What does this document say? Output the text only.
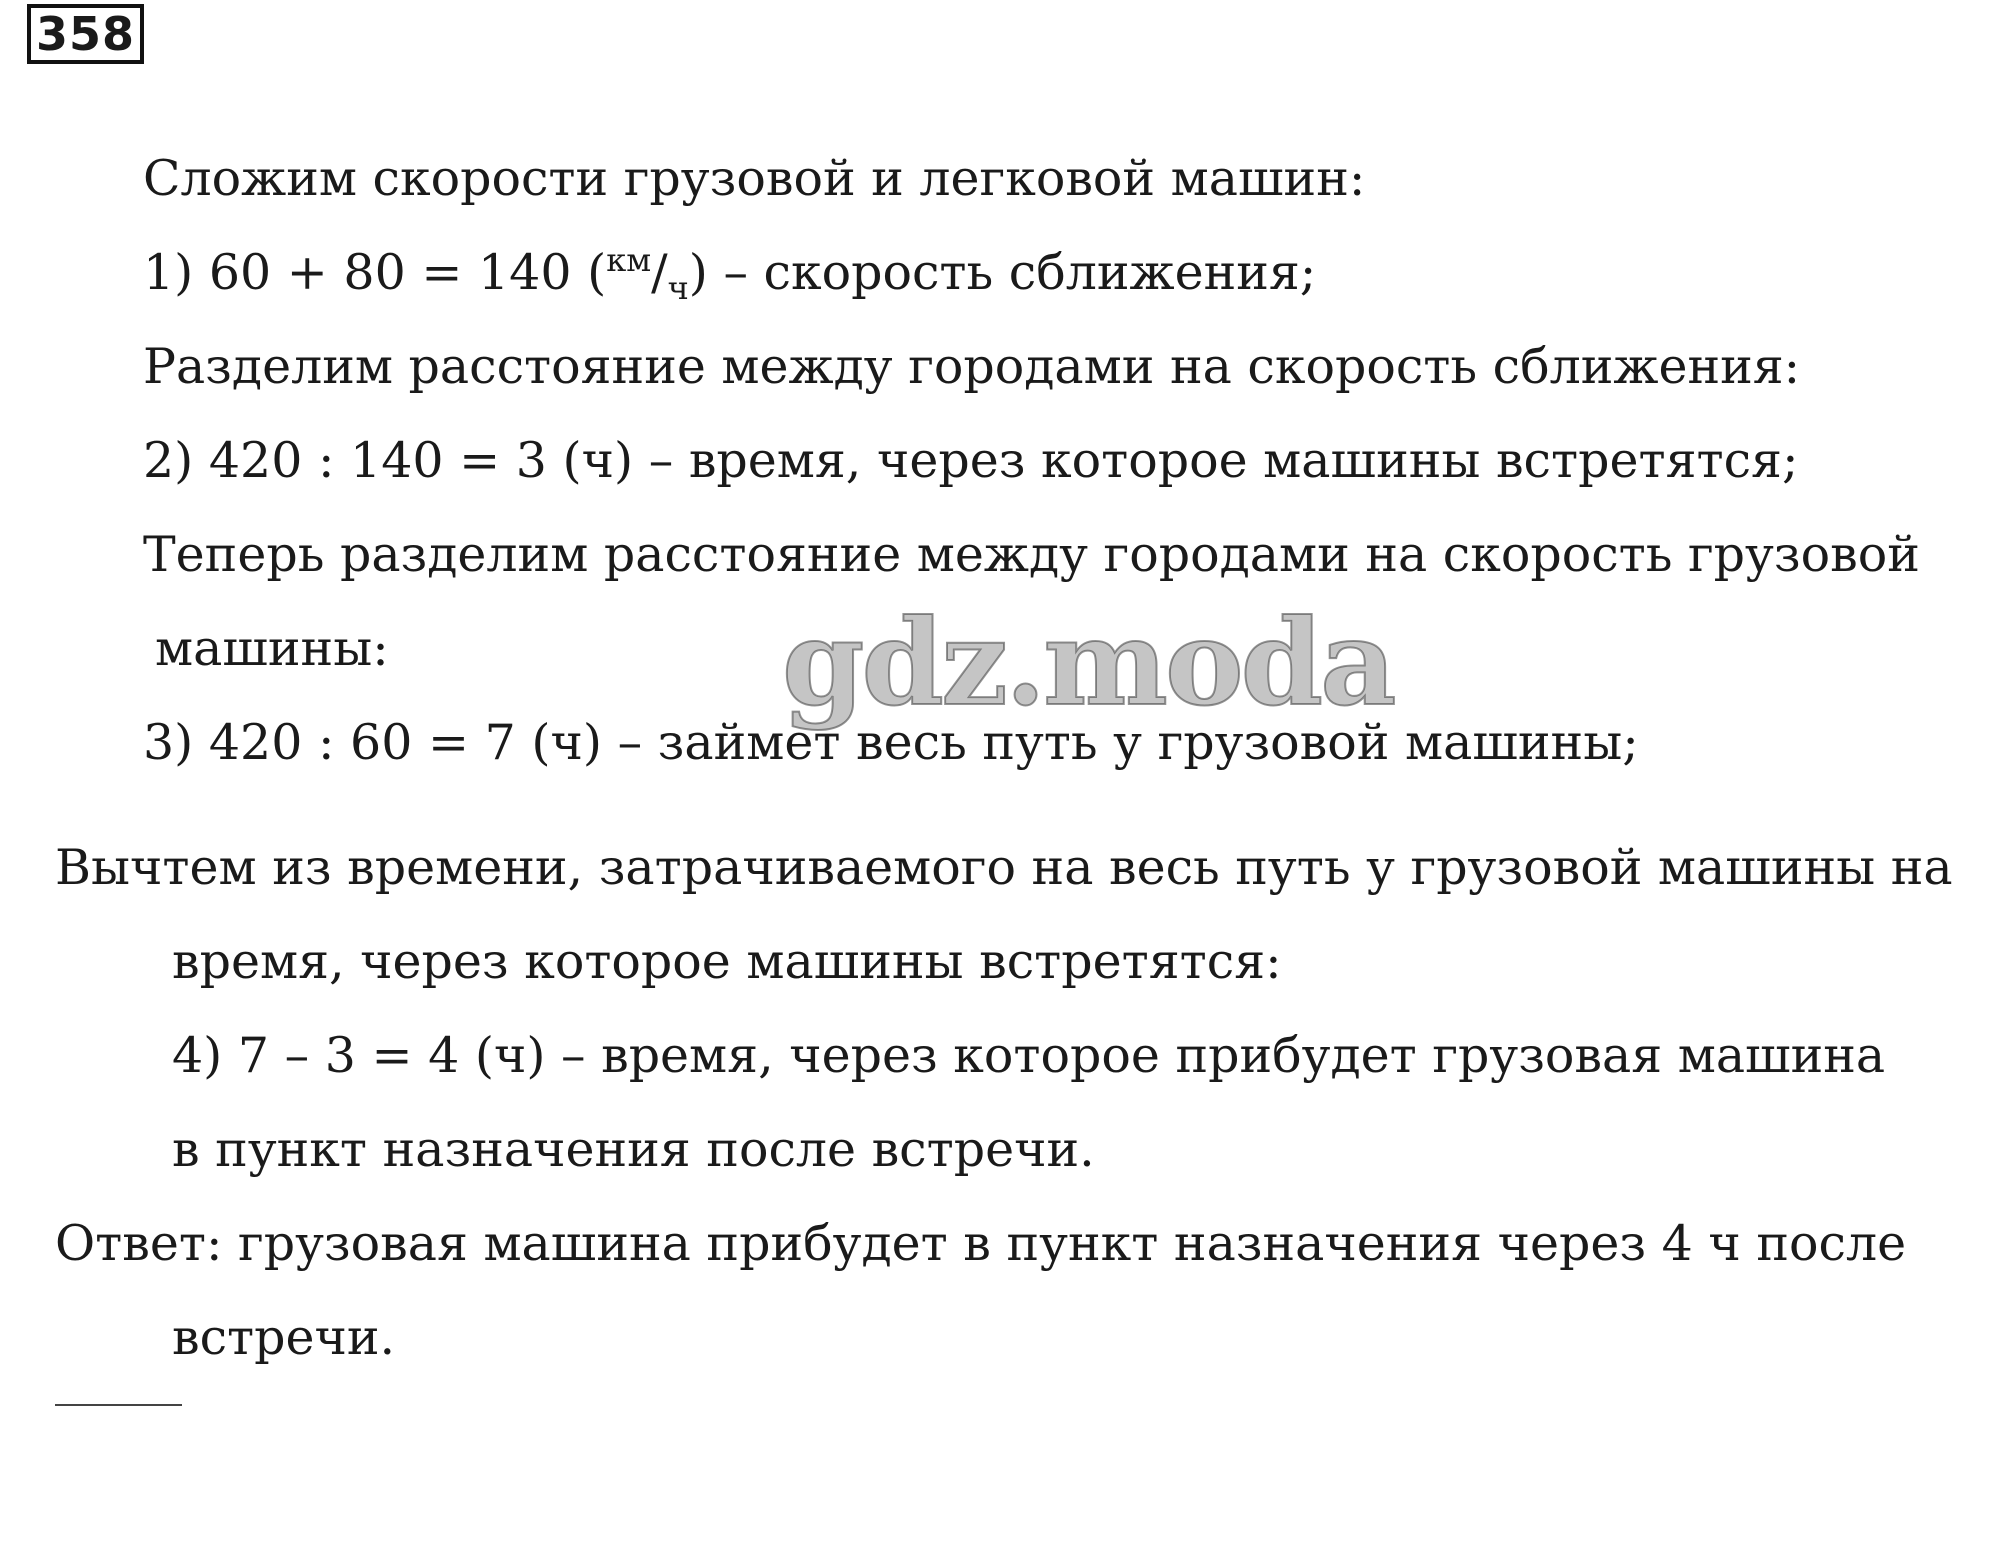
358
Сложим скорости грузовой и легковой машин:
1) 60 + 80 = 140 $(^{км}/_ч)$ – скорость сближения;
Разделим расстояние между городами на скорость сближения:
2) 420 : 140 = 3 (ч) – время, через которое машины встретятся;
Теперь разделим расстояние между городами на скорость грузовой
машины:
3) 420 : 60 = 7 (ч) – займет весь путь у грузовой машины;
Вычтем из времени, затрачиваемого на весь путь у грузовой машины на
время, через которое машины встретятся:
4) 7 – 3 = 4 (ч) – время, через которое прибудет грузовая машина
в пункт назначения после встречи.
Ответ: грузовая машина прибудет в пункт назначения через 4 ч после
встречи.
gdz.moda
